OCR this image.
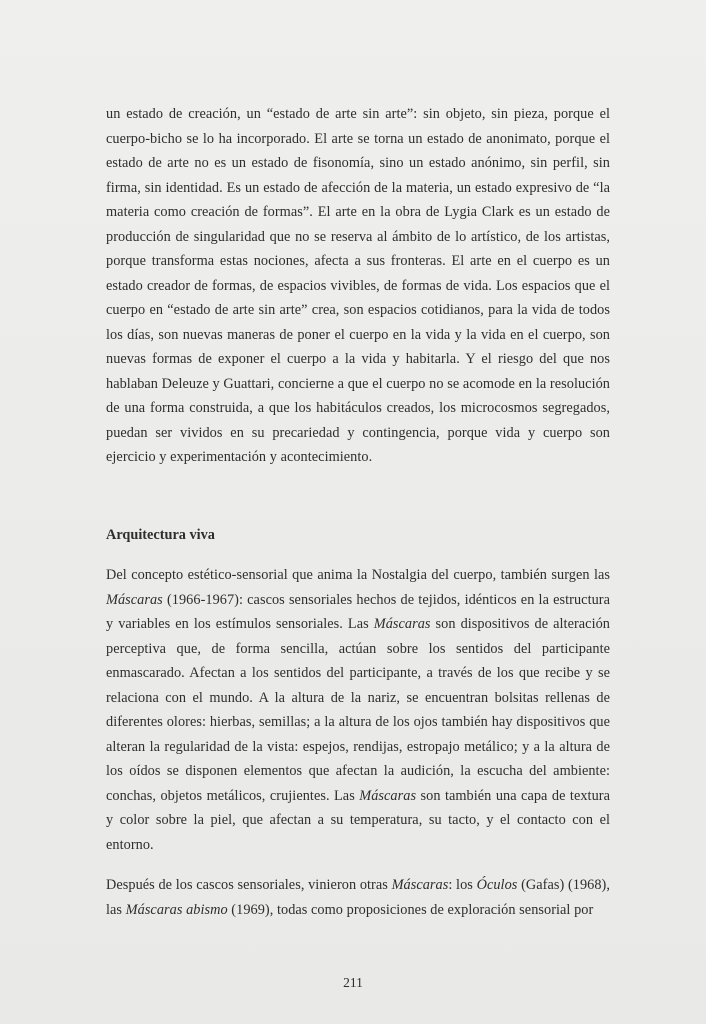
un estado de creación, un “estado de arte sin arte”: sin objeto, sin pieza, porque el cuerpo-bicho se lo ha incorporado. El arte se torna un estado de anonimato, porque el estado de arte no es un estado de fisonomía, sino un estado anónimo, sin perfil, sin firma, sin identidad. Es un estado de afección de la materia, un estado expresivo de “la materia como creación de formas”. El arte en la obra de Lygia Clark es un estado de producción de singularidad que no se reserva al ámbito de lo artístico, de los artistas, porque transforma estas nociones, afecta a sus fronteras. El arte en el cuerpo es un estado creador de formas, de espacios vivibles, de formas de vida. Los espacios que el cuerpo en “estado de arte sin arte” crea, son espacios cotidianos, para la vida de todos los días, son nuevas maneras de poner el cuerpo en la vida y la vida en el cuerpo, son nuevas formas de exponer el cuerpo a la vida y habitarla. Y el riesgo del que nos hablaban Deleuze y Guattari, concierne a que el cuerpo no se acomode en la resolución de una forma construida, a que los habitáculos creados, los microcosmos segregados, puedan ser vividos en su precariedad y contingencia, porque vida y cuerpo son ejercicio y experimentación y acontecimiento.

Arquitectura viva

Del concepto estético-sensorial que anima la Nostalgia del cuerpo, también surgen las Máscaras (1966-1967): cascos sensoriales hechos de tejidos, idénticos en la estructura y variables en los estímulos sensoriales. Las Máscaras son dispositivos de alteración perceptiva que, de forma sencilla, actúan sobre los sentidos del participante enmascarado. Afectan a los sentidos del participante, a través de los que recibe y se relaciona con el mundo. A la altura de la nariz, se encuentran bolsitas rellenas de diferentes olores: hierbas, semillas; a la altura de los ojos también hay dispositivos que alteran la regularidad de la vista: espejos, rendijas, estropajo metálico; y a la altura de los oídos se disponen elementos que afectan la audición, la escucha del ambiente: conchas, objetos metálicos, crujientes. Las Máscaras son también una capa de textura y color sobre la piel, que afectan a su temperatura, su tacto, y el contacto con el entorno.

Después de los cascos sensoriales, vinieron otras Máscaras: los Óculos (Gafas) (1968), las Máscaras abismo (1969), todas como proposiciones de exploración sensorial por

211
